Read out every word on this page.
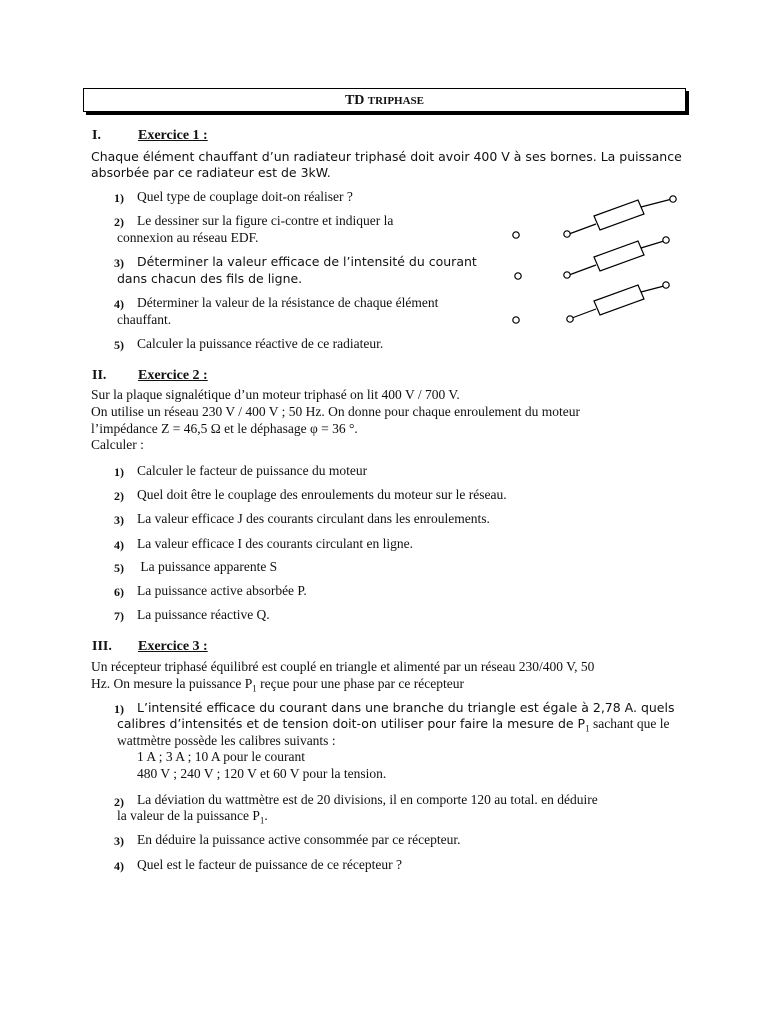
TD TRIPHASE
I.	Exercice 1 :
Chaque élément chauffant d’un radiateur triphasé doit avoir 400 V à ses bornes. La puissance
absorbée par ce radiateur est de 3kW.
1) Quel type de couplage doit-on réaliser ?
2) Le dessiner sur la figure ci-contre et indiquer la
connexion au réseau EDF.
3) Déterminer la valeur efficace de l’intensité du courant
dans chacun des fils de ligne.
4) Déterminer la valeur de la résistance de chaque élément
chauffant.
5) Calculer la puissance réactive de ce radiateur.
II. Exercice 2 :
Sur la plaque signalétique d’un moteur triphasé on lit 400 V / 700 V.
On utilise un réseau 230 V / 400 V ; 50 Hz. On donne pour chaque enroulement du moteur
l’impédance Z = 46,5 Ω et le déphasage φ = 36 °.
Calculer :
1) Calculer le facteur de puissance du moteur
2) Quel doit être le couplage des enroulements du moteur sur le réseau.
3) La valeur efficace J des courants circulant dans les enroulements.
4) La valeur efficace I des courants circulant en ligne.
5) La puissance apparente S
6) La puissance active absorbée P.
7) La puissance réactive Q.
III. Exercice 3 :
Un récepteur triphasé équilibré est couplé en triangle et alimenté par un réseau 230/400 V, 50
Hz. On mesure la puissance $P_1$ reçue pour une phase par ce récepteur
1) L’intensité efficace du courant dans une branche du triangle est égale à 2,78 A. quels
calibres d’intensités et de tension doit-on utiliser pour faire la mesure de $P_1$ sachant que le
wattmètre possède les calibres suivants :
1 A ; 3 A ; 10 A pour le courant
480 V ; 240 V ; 120 V et 60 V pour la tension.
2) La déviation du wattmètre est de 20 divisions, il en comporte 120 au total. en déduire
la valeur de la puissance $P_1$.
3) En déduire la puissance active consommée par ce récepteur.
4) Quel est le facteur de puissance de ce récepteur ?
